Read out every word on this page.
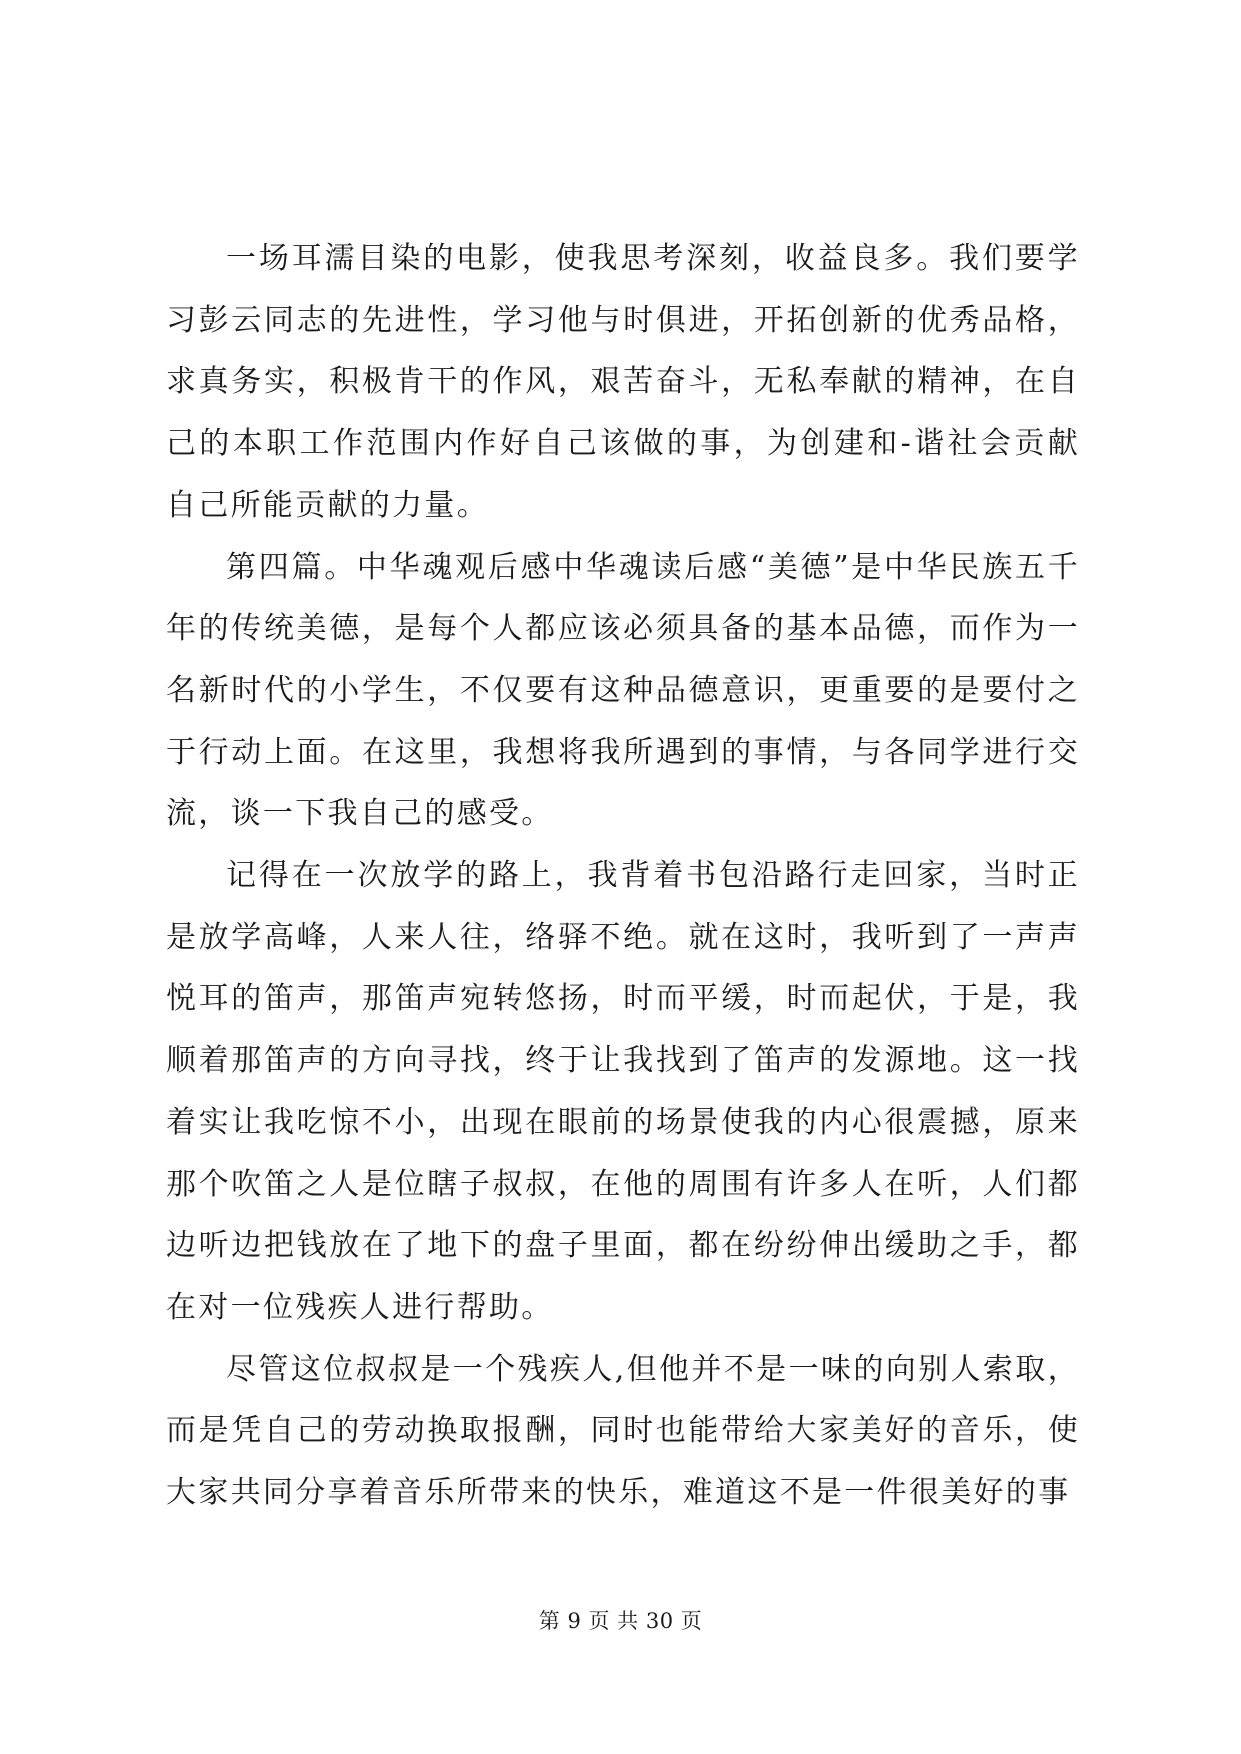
一场耳濡目染的电影，使我思考深刻，收益良多。我们要学习彭云同志的先进性，学习他与时俱进，开拓创新的优秀品格，求真务实，积极肯干的作风，艰苦奋斗，无私奉献的精神，在自己的本职工作范围内作好自己该做的事，为创建和-谐社会贡献自己所能贡献的力量。

第四篇。中华魂观后感中华魂读后感“美德”是中华民族五千年的传统美德，是每个人都应该必须具备的基本品德，而作为一名新时代的小学生，不仅要有这种品德意识，更重要的是要付之于行动上面。在这里，我想将我所遇到的事情，与各同学进行交流，谈一下我自己的感受。

记得在一次放学的路上，我背着书包沿路行走回家，当时正是放学高峰，人来人往，络驿不绝。就在这时，我听到了一声声悦耳的笛声，那笛声宛转悠扬，时而平缓，时而起伏，于是，我顺着那笛声的方向寻找，终于让我找到了笛声的发源地。这一找着实让我吃惊不小，出现在眼前的场景使我的内心很震撼，原来那个吹笛之人是位瞎子叔叔，在他的周围有许多人在听，人们都边听边把钱放在了地下的盘子里面，都在纷纷伸出缓助之手，都在对一位残疾人进行帮助。

尽管这位叔叔是一个残疾人,但他并不是一味的向别人索取，而是凭自己的劳动换取报酬，同时也能带给大家美好的音乐，使大家共同分享着音乐所带来的快乐，难道这不是一件很美好的事

第 9 页 共 30 页
